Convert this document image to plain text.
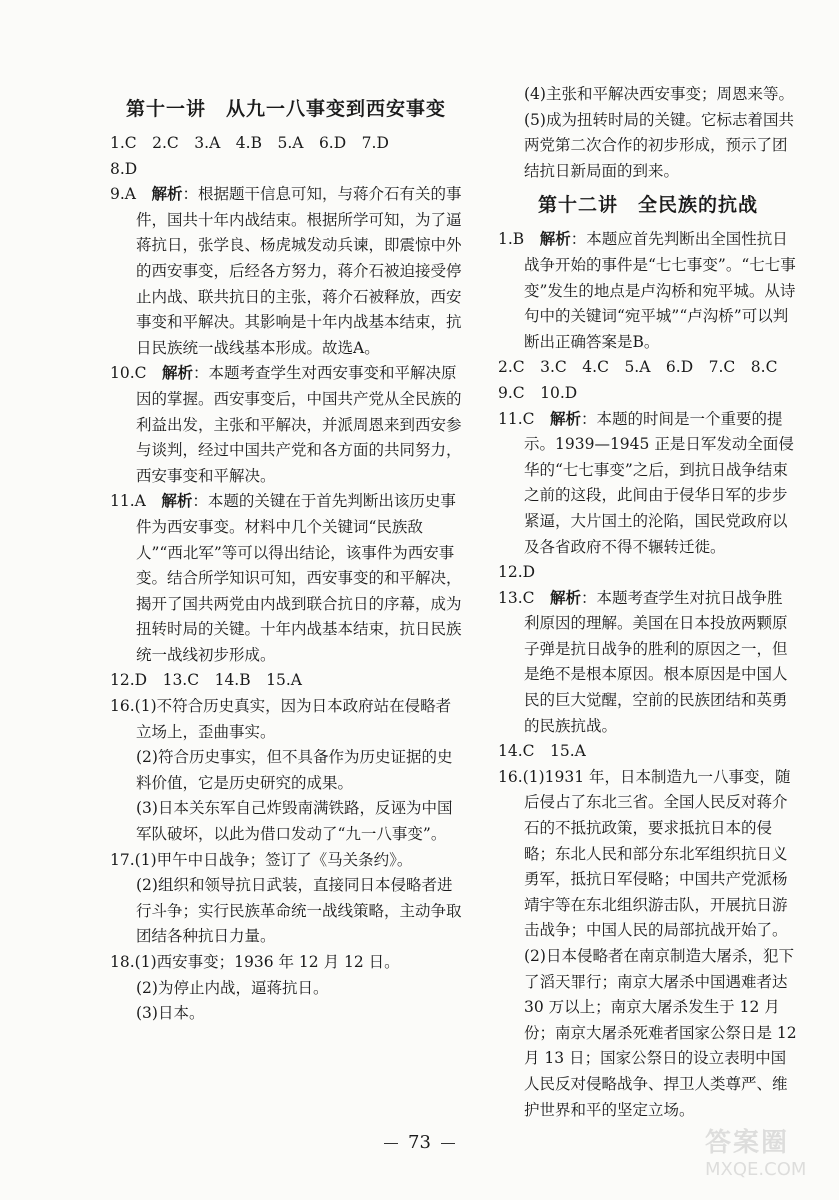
第十一讲　从九一八事变到西安事变
1.C　2.C　3.A　4.B　5.A　6.D　7.D
8.D
9.A　 解析：根据题干信息可知，与蒋介石有关的事件，国共十年内战结束。根据所学可知，为了逼蒋抗日，张学良、杨虎城发动兵谏，即震惊中外的西安事变，后经各方努力，蒋介石被迫接受停止内战、联共抗日的主张，蒋介石被释放，西安事变和平解决。其影响是十年内战基本结束，抗日民族统一战线基本形成。故选A。
10.C　 解析：本题考查学生对西安事变和平解决原因的掌握。西安事变后，中国共产党从全民族的利益出发，主张和平解决，并派周恩来到西安参与谈判，经过中国共产党和各方面的共同努力，西安事变和平解决。
11.A　 解析：本题的关键在于首先判断出该历史事件为西安事变。材料中几个关键词“民族敌人”“西北军”等可以得出结论，该事件为西安事变。结合所学知识可知，西安事变的和平解决，揭开了国共两党由内战到联合抗日的序幕，成为扭转时局的关键。十年内战基本结束，抗日民族统一战线初步形成。
12.D　13.C　14.B　15.A
16.(1)不符合历史真实，因为日本政府站在侵略者立场上，歪曲事实。
(2)符合历史事实，但不具备作为历史证据的史料价值，它是历史研究的成果。
(3)日本关东军自己炸毁南满铁路，反诬为中国军队破坏，以此为借口发动了“九一八事变”。
17.(1)甲午中日战争；签订了《马关条约》。
(2)组织和领导抗日武装，直接同日本侵略者进行斗争；实行民族革命统一战线策略，主动争取团结各种抗日力量。
18.(1)西安事变；1936 年 12 月 12 日。
(2)为停止内战，逼蒋抗日。
(3)日本。
(4)主张和平解决西安事变；周恩来等。
(5)成为扭转时局的关键。它标志着国共两党第二次合作的初步形成，预示了团结抗日新局面的到来。
第十二讲　全民族的抗战
1.B　 解析：本题应首先判断出全国性抗日战争开始的事件是“七七事变”。“七七事变”发生的地点是卢沟桥和宛平城。从诗句中的关键词“宛平城”“卢沟桥”可以判断出正确答案是B。
2.C　3.C　4.C　5.A　6.D　7.C　8.C
9.C　10.D
11.C　 解析：本题的时间是一个重要的提示。1939—1945 正是日军发动全面侵华的“七七事变”之后，到抗日战争结束之前的这段，此间由于侵华日军的步步紧逼，大片国土的沦陷，国民党政府以及各省政府不得不辗转迁徙。
12.D
13.C　 解析：本题考查学生对抗日战争胜利原因的理解。美国在日本投放两颗原子弹是抗日战争的胜利的原因之一，但是绝不是根本原因。根本原因是中国人民的巨大觉醒，空前的民族团结和英勇的民族抗战。
14.C　15.A
16.(1)1931 年，日本制造九一八事变，随后侵占了东北三省。全国人民反对蒋介石的不抵抗政策，要求抵抗日本的侵略；东北人民和部分东北军组织抗日义勇军，抵抗日军侵略；中国共产党派杨靖宇等在东北组织游击队，开展抗日游击战争；中国人民的局部抗战开始了。
(2)日本侵略者在南京制造大屠杀，犯下了滔天罪行；南京大屠杀中国遇难者达 30 万以上；南京大屠杀发生于 12 月份；南京大屠杀死难者国家公祭日是 12 月 13 日；国家公祭日的设立表明中国人民反对侵略战争、捍卫人类尊严、维护世界和平的坚定立场。
73	答案圈
MXQE.COM
